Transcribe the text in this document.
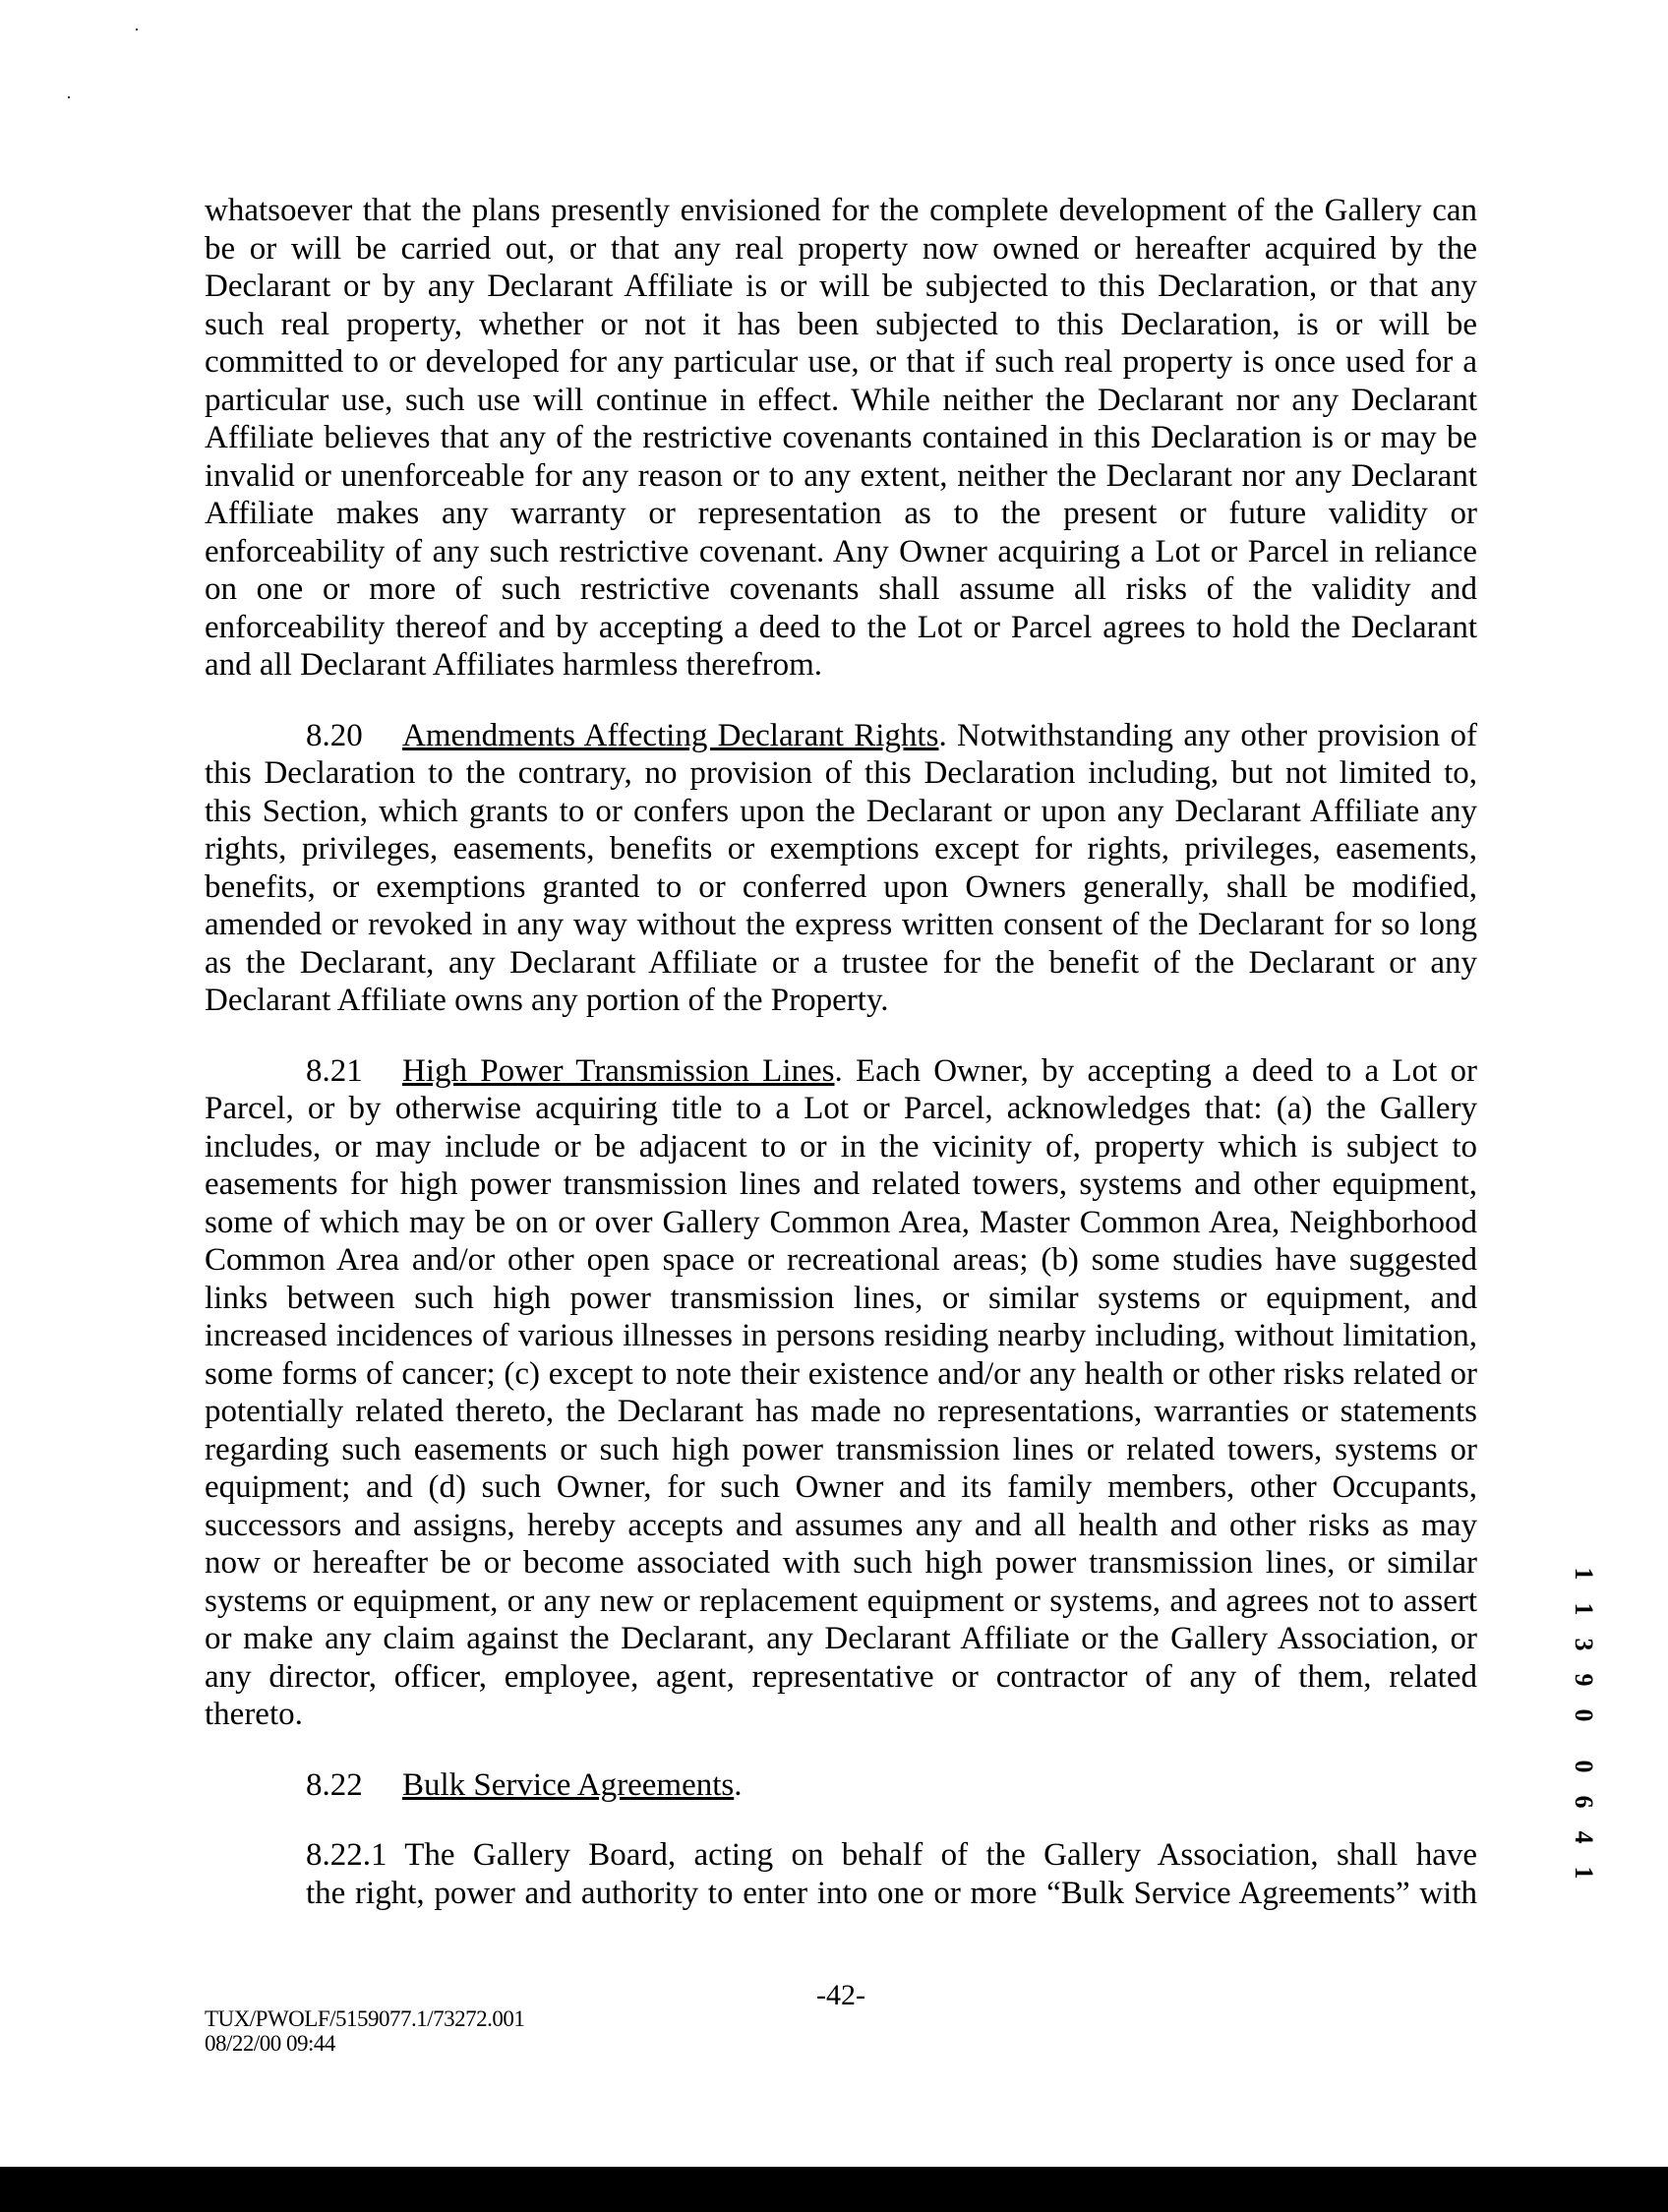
whatsoever that the plans presently envisioned for the complete development of the Gallery can
be or will be carried out, or that any real property now owned or hereafter acquired by the
Declarant or by any Declarant Affiliate is or will be subjected to this Declaration, or that any
such real property, whether or not it has been subjected to this Declaration, is or will be
committed to or developed for any particular use, or that if such real property is once used for a
particular use, such use will continue in effect. While neither the Declarant nor any Declarant
Affiliate believes that any of the restrictive covenants contained in this Declaration is or may be
invalid or unenforceable for any reason or to any extent, neither the Declarant nor any Declarant
Affiliate makes any warranty or representation as to the present or future validity or
enforceability of any such restrictive covenant. Any Owner acquiring a Lot or Parcel in reliance
on one or more of such restrictive covenants shall assume all risks of the validity and
enforceability thereof and by accepting a deed to the Lot or Parcel agrees to hold the Declarant
and all Declarant Affiliates harmless therefrom.
8.20 Amendments Affecting Declarant Rights. Notwithstanding any other provision of
this Declaration to the contrary, no provision of this Declaration including, but not limited to,
this Section, which grants to or confers upon the Declarant or upon any Declarant Affiliate any
rights, privileges, easements, benefits or exemptions except for rights, privileges, easements,
benefits, or exemptions granted to or conferred upon Owners generally, shall be modified,
amended or revoked in any way without the express written consent of the Declarant for so long
as the Declarant, any Declarant Affiliate or a trustee for the benefit of the Declarant or any
Declarant Affiliate owns any portion of the Property.
8.21 High Power Transmission Lines. Each Owner, by accepting a deed to a Lot or
Parcel, or by otherwise acquiring title to a Lot or Parcel, acknowledges that: (a) the Gallery
includes, or may include or be adjacent to or in the vicinity of, property which is subject to
easements for high power transmission lines and related towers, systems and other equipment,
some of which may be on or over Gallery Common Area, Master Common Area, Neighborhood
Common Area and/or other open space or recreational areas; (b) some studies have suggested
links between such high power transmission lines, or similar systems or equipment, and
increased incidences of various illnesses in persons residing nearby including, without limitation,
some forms of cancer; (c) except to note their existence and/or any health or other risks related or
potentially related thereto, the Declarant has made no representations, warranties or statements
regarding such easements or such high power transmission lines or related towers, systems or
equipment; and (d) such Owner, for such Owner and its family members, other Occupants,
successors and assigns, hereby accepts and assumes any and all health and other risks as may
now or hereafter be or become associated with such high power transmission lines, or similar
systems or equipment, or any new or replacement equipment or systems, and agrees not to assert
or make any claim against the Declarant, any Declarant Affiliate or the Gallery Association, or
any director, officer, employee, agent, representative or contractor of any of them, related
thereto.
8.22 Bulk Service Agreements.
8.22.1 The Gallery Board, acting on behalf of the Gallery Association, shall have
the right, power and authority to enter into one or more “Bulk Service Agreements” with
-42-
TUX/PWOLF/5159077.1/73272.001
08/22/00 09:44
1
1
3
9
0
0
6
4
1
